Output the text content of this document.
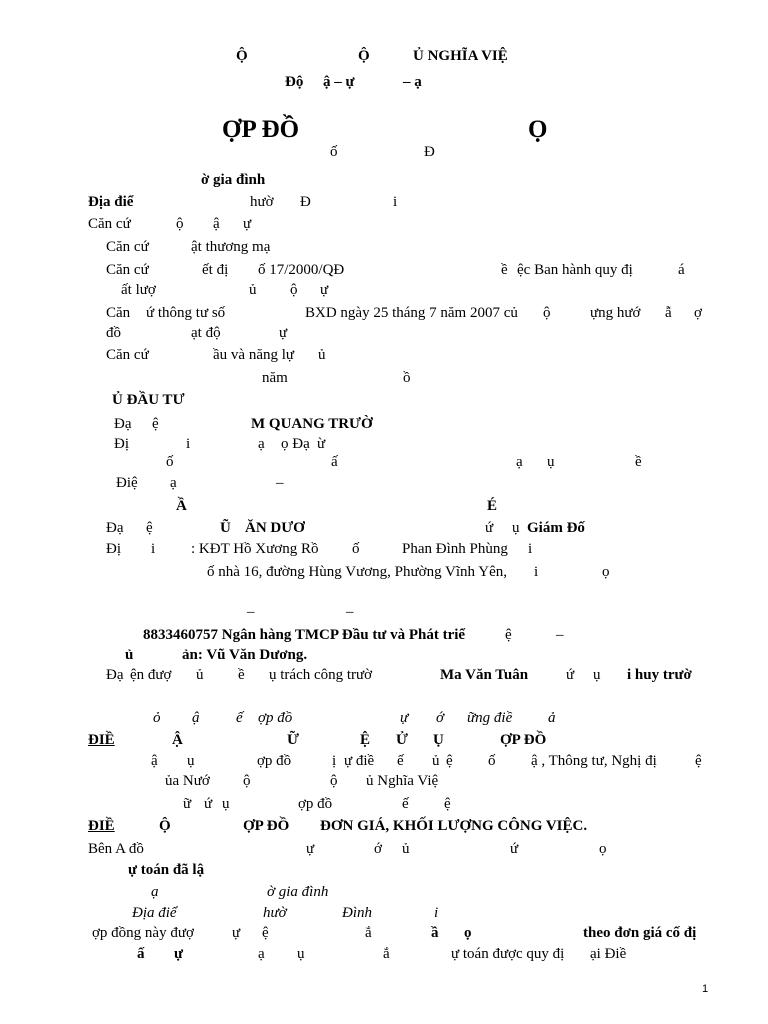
Ộ	Ộ	Ủ NGHĨA VIỆ
Độ ậ – ự	– ạ
ỢP ĐỒ	Ọ
ố	Đ
ờ gia đình
Địa điể	hườ Đ	i
Căn cứ	ộ ậ ự
Căn cứ	ật thương mạ
Căn cứ	ết đị ố 17/2000/QĐ	ề ệc Ban hành quy đị	á
ất lượ	ủ ộ ự
Căn ứ thông tư số	BXD ngày 25 tháng 7 năm 2007 củ ộ	ựng hướ ẫ ợ
đồ	ạt độ	ự
Căn cứ	ầu và năng lự ủ
năm	ồ
Ủ ĐẦU TƯ
Đạ ệ	M QUANG TRƯỜ
Đị	i	ạ ọ Đạ ừ
ố	ấ	ạ ụ	ề
Điệ ạ	–
Ầ	É
Đạ ệ	Ũ ĂN DƯƠ	ứ ụ Giám Đố
Đị i : KĐT Hồ Xương Rồ ố	Phan Đình Phùng i
ố nhà 16, đường Hùng Vương, Phường Vĩnh Yên, i	ọ
–	–
8833460757 Ngân hàng TMCP Đầu tư và Phát triể	ệ	–
ủ	ản: Vũ Văn Dương.
Đạ ện đượ ủ ề ụ trách công trườ	Ma Văn Tuân	ứ ụ i huy trườ
ỏ ậ ế ợp đồ	ự ớ ững điề ả
ĐIỀ	Ậ	Ữ	Ệ Ử Ụ	ỢP ĐỒ
ậ ụ	ợp đồ	ị ự điề ế ủ ệ ố ậ , Thông tư, Nghị đị	ệ
ủa Nướ ộ	ộ ủ Nghĩa Việ
ữ ứ ụ	ợp đồ	ế ệ
ĐIỀ	Ộ	ỢP ĐỒ ĐƠN GIÁ, KHỐI LƯỢNG CÔNG VIỆC.
Bên A đồ	ự	ớ ủ	ứ	ọ
ự toán đã lậ
ạ	ờ gia đình
Địa điể	hườ	Đình	i
ợp đồng này đượ	ự ệ	ắ	ầ ọ	theo đơn giá cố đị
ấ ự	ạ ụ	ắ	ự toán được quy đị ại Điề
1
